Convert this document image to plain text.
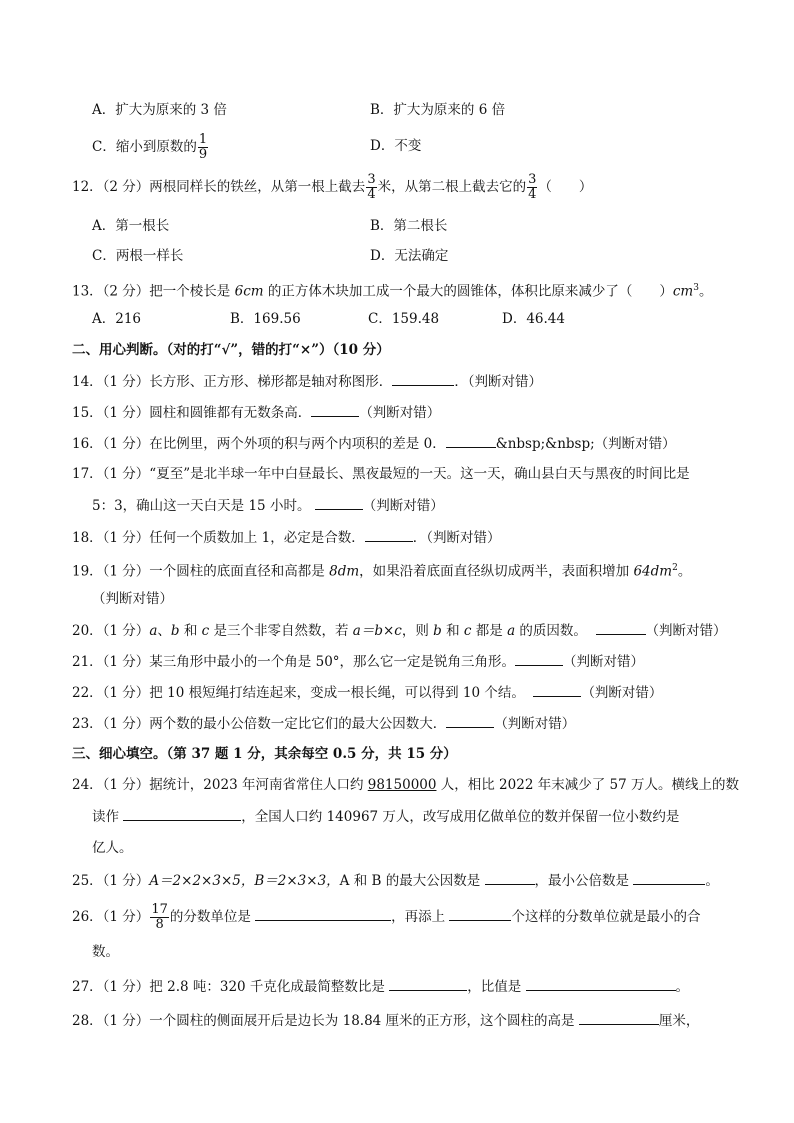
A．扩大为原来的 3 倍	B．扩大为原来的 6 倍
C．缩小到原数的 $\frac{1}{9}$	D．不变
12．（2 分）两根同样长的铁丝，从第一根上截去 $\frac{3}{4}$ 米，从第二根上截去它的 $\frac{3}{4}$ （　　）
A．第一根长	B．第二根长
C．两根一样长	D．无法确定
13．（2 分）把一个棱长是 6cm 的正方体木块加工成一个最大的圆锥体，体积比原来减少了（　　）$cm^3$。
A．216	B．169.56	C．159.48	D．46.44
二、用心判断。（对的打“√”，错的打“×”）（10 分）
14．（1 分）长方形、正方形、梯形都是轴对称图形．	．（判断对错）
15．（1 分）圆柱和圆锥都有无数条高．	（判断对错）
16．（1 分）在比例里，两个外项的积与两个内项积的差是 0．	&nbsp;&nbsp;（判断对错）
17．（1 分）“夏至”是北半球一年中白昼最长、黑夜最短的一天。这一天，确山县白天与黑夜的时间比是
5：3，确山这一天白天是 15 小时。	（判断对错）
18．（1 分）任何一个质数加上 1，必定是合数．	．（判断对错）
19．（1 分）一个圆柱的底面直径和高都是 8dm，如果沿着底面直径纵切成两半，表面积增加 $64dm^2$。
（判断对错）
20．（1 分）a、b 和 c 是三个非零自然数，若 a＝b×c，则 b 和 c 都是 a 的质因数。	（判断对错）
21．（1 分）某三角形中最小的一个角是 50°，那么它一定是锐角三角形。	（判断对错）
22．（1 分）把 10 根短绳打结连起来，变成一根长绳，可以得到 10 个结。	（判断对错）
23．（1 分）两个数的最小公倍数一定比它们的最大公因数大．	（判断对错）
三、细心填空。（第 37 题 1 分，其余每空 0.5 分，共 15 分）
24．（1 分）据统计，2023 年河南省常住人口约 98150000 人，相比 2022 年末减少了 57 万人。横线上的数
读作	，全国人口约 140967 万人，改写成用亿做单位的数并保留一位小数约是
亿人。
25．（1 分）A＝2×2×3×5，B＝2×3×3，A 和 B 的最大公因数是	，最小公倍数是	。
26．（1 分） $\frac{17}{8}$ 的分数单位是	，再添上	个这样的分数单位就是最小的合
数。
27．（1 分）把 2.8 吨：320 千克化成最简整数比是	，比值是	。
28．（1 分）一个圆柱的侧面展开后是边长为 18.84 厘米的正方形，这个圆柱的高是	厘米，
